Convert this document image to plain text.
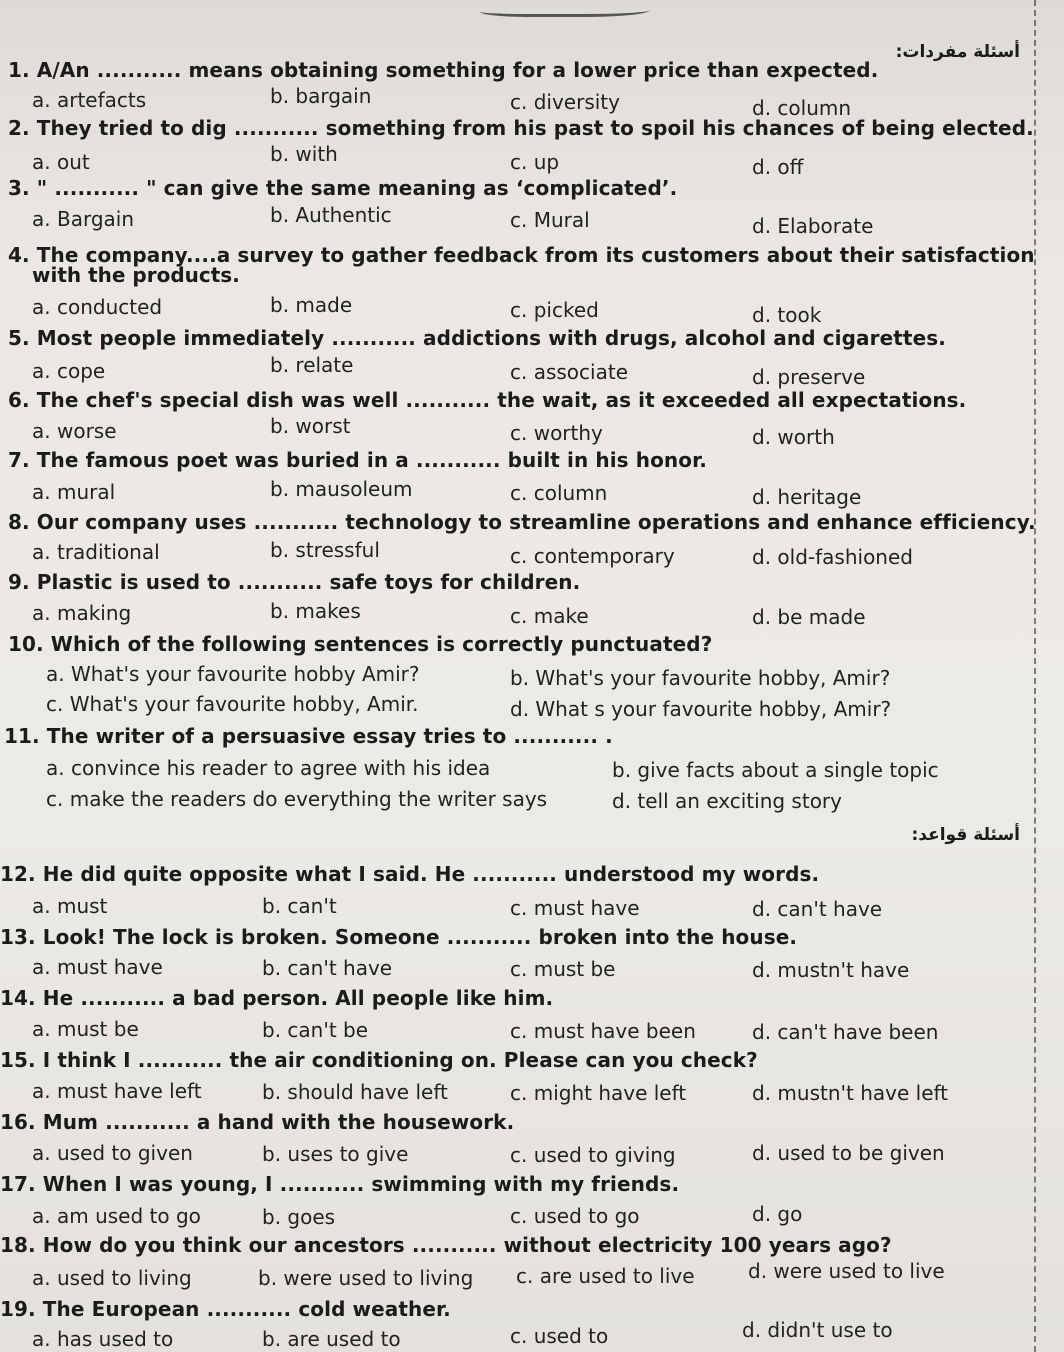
أسئلة مفردات:
1. A/An ........... means obtaining something for a lower price than expected.
a. artefacts	b. bargain	c. diversity	d. column
2. They tried to dig ........... something from his past to spoil his chances of being elected.
a. out	b. with	c. up	d. off
3. " ........... " can give the same meaning as ‘complicated’.
a. Bargain	b. Authentic	c. Mural	d. Elaborate
4. The company....a survey to gather feedback from its customers about their satisfaction
with the products.
a. conducted	b. made	c. picked	d. took
5. Most people immediately ........... addictions with drugs, alcohol and cigarettes.
a. cope	b. relate	c. associate	d. preserve
6. The chef's special dish was well ........... the wait, as it exceeded all expectations.
a. worse	b. worst	c. worthy	d. worth
7. The famous poet was buried in a ........... built in his honor.
a. mural	b. mausoleum	c. column	d. heritage
8. Our company uses ........... technology to streamline operations and enhance efficiency.
a. traditional	b. stressful	c. contemporary	d. old-fashioned
9. Plastic is used to ........... safe toys for children.
a. making	b. makes	c. make	d. be made
10. Which of the following sentences is correctly punctuated?
a. What's your favourite hobby Amir?	b. What's your favourite hobby, Amir?
c. What's your favourite hobby, Amir.	d. What s your favourite hobby, Amir?
11. The writer of a persuasive essay tries to ........... .
a. convince his reader to agree with his idea	b. give facts about a single topic
c. make the readers do everything the writer says	d. tell an exciting story
أسئلة قواعد:
12. He did quite opposite what I said. He ........... understood my words.
a. must	b. can't	c. must have	d. can't have
13. Look! The lock is broken. Someone ........... broken into the house.
a. must have	b. can't have	c. must be	d. mustn't have
14. He ........... a bad person. All people like him.
a. must be	b. can't be	c. must have been	d. can't have been
15. I think I ........... the air conditioning on. Please can you check?
a. must have left	b. should have left	c. might have left	d. mustn't have left
16. Mum ........... a hand with the housework.
a. used to given	b. uses to give	c. used to giving	d. used to be given
17. When I was young, I ........... swimming with my friends.
a. am used to go	b. goes	c. used to go	d. go
18. How do you think our ancestors ........... without electricity 100 years ago?
a. used to living	b. were used to living c. are used to live	d. were used to live
19. The European ........... cold weather.
a. has used to	b. are used to	c. used to	d. didn't use to
